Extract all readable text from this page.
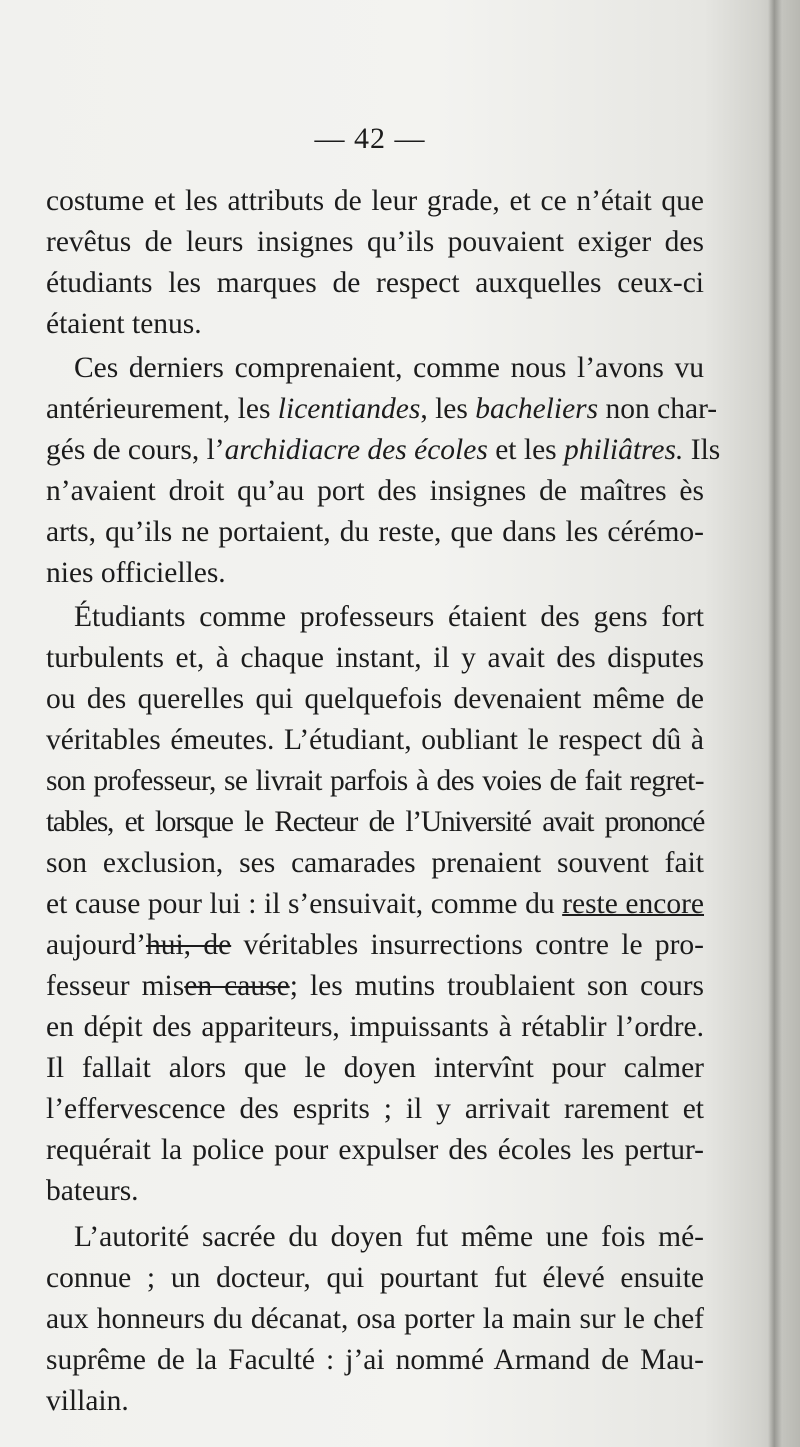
— 42 —
costume et les attributs de leur grade, et ce n’était que
revêtus de leurs insignes qu’ils pouvaient exiger des
étudiants les marques de respect auxquelles ceux-ci
étaient tenus.
Ces derniers comprenaient, comme nous l’avons vu
antérieurement, les licentiandes, les bacheliers non char-
gés de cours, l’archidiacre des écoles et les philiâtres. Ils
n’avaient droit qu’au port des insignes de maîtres ès
arts, qu’ils ne portaient, du reste, que dans les cérémo-
nies officielles.
Étudiants comme professeurs étaient des gens fort
turbulents et, à chaque instant, il y avait des disputes
ou des querelles qui quelquefois devenaient même de
véritables émeutes. L’étudiant, oubliant le respect dû à
son professeur, se livrait parfois à des voies de fait regret-
tables, et lorsque le Recteur de l’Université avait prononcé
son exclusion, ses camarades prenaient souvent fait
et cause pour lui : il s’ensuivait, comme du reste encore
aujourd’hui, de véritables insurrections contre le pro-
fesseur misen cause; les mutins troublaient son cours
en dépit des appariteurs, impuissants à rétablir l’ordre.
Il fallait alors que le doyen intervînt pour calmer
l’effervescence des esprits ; il y arrivait rarement et
requérait la police pour expulser des écoles les pertur-
bateurs.
L’autorité sacrée du doyen fut même une fois mé-
connue ; un docteur, qui pourtant fut élevé ensuite
aux honneurs du décanat, osa porter la main sur le chef
suprême de la Faculté : j’ai nommé Armand de Mau-
villain.
